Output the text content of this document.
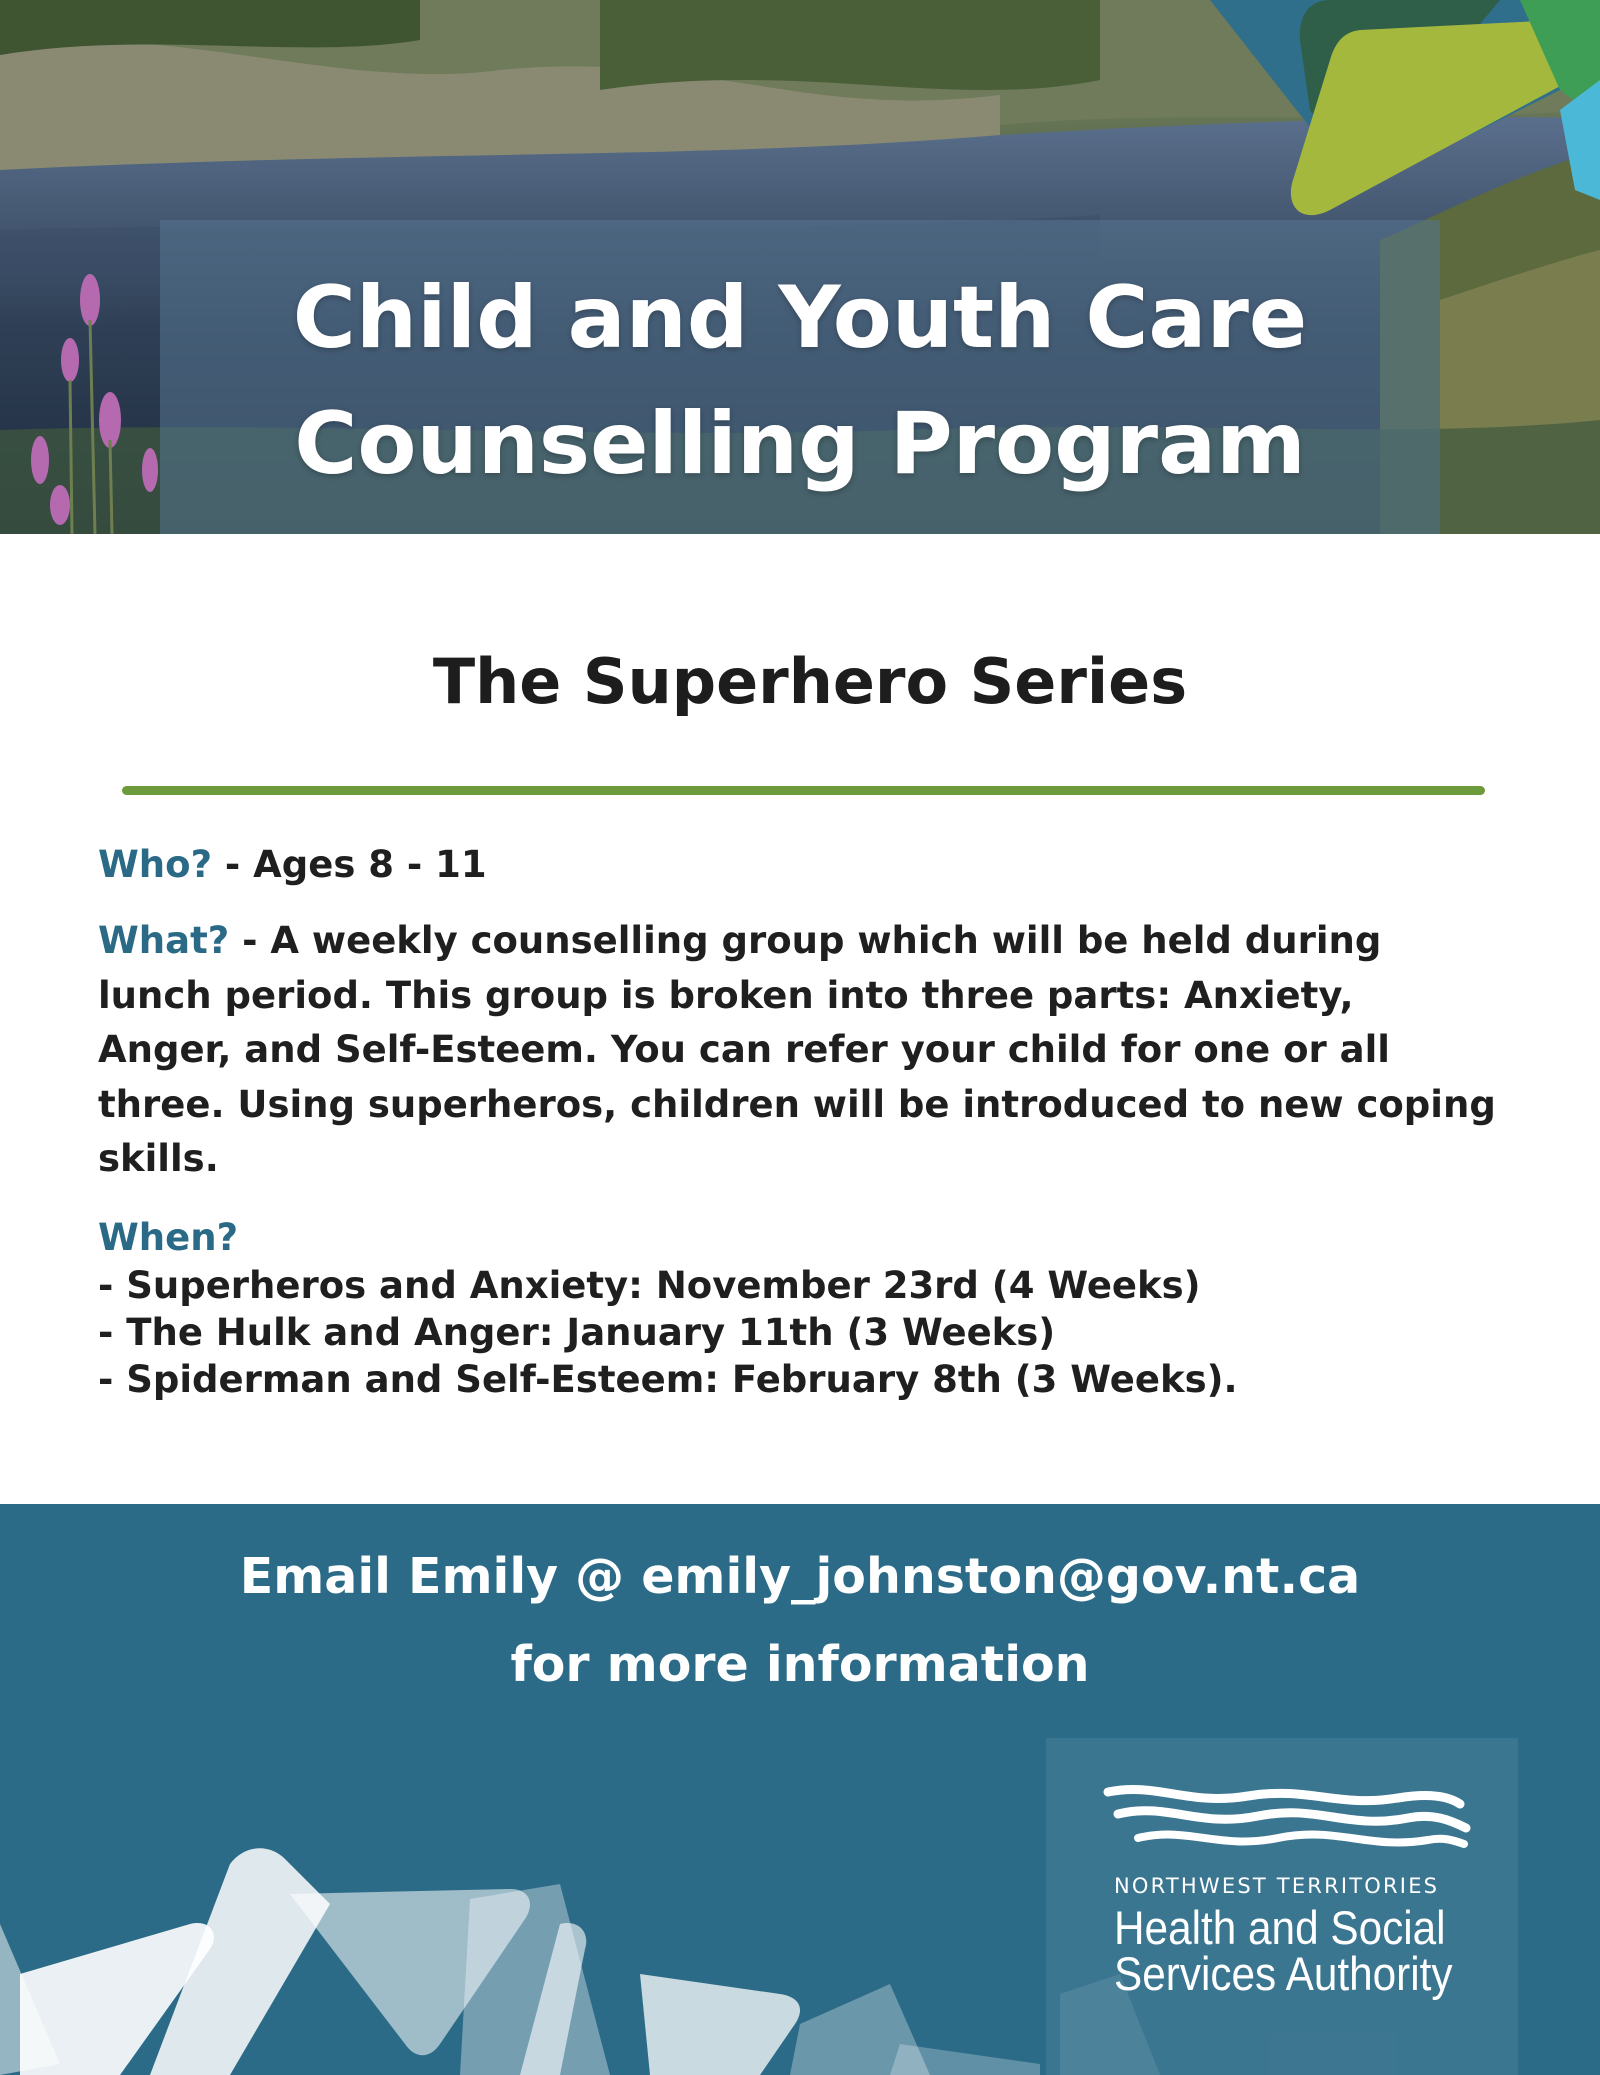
Child and Youth Care
Counselling Program
The Superhero Series
Who? - Ages 8 - 11
What? - A weekly counselling group which will be held during lunch period. This group is broken into three parts: Anxiety, Anger, and Self-Esteem. You can refer your child for one or all three. Using superheros, children will be introduced to new coping skills.
When?
- Superheros and Anxiety: November 23rd (4 Weeks)
- The Hulk and Anger: January 11th (3 Weeks)
- Spiderman and Self-Esteem: February 8th (3 Weeks).
Email Emily @ emily_johnston@gov.nt.ca
for more information
NORTHWEST TERRITORIES
Health and Social
Services Authority
